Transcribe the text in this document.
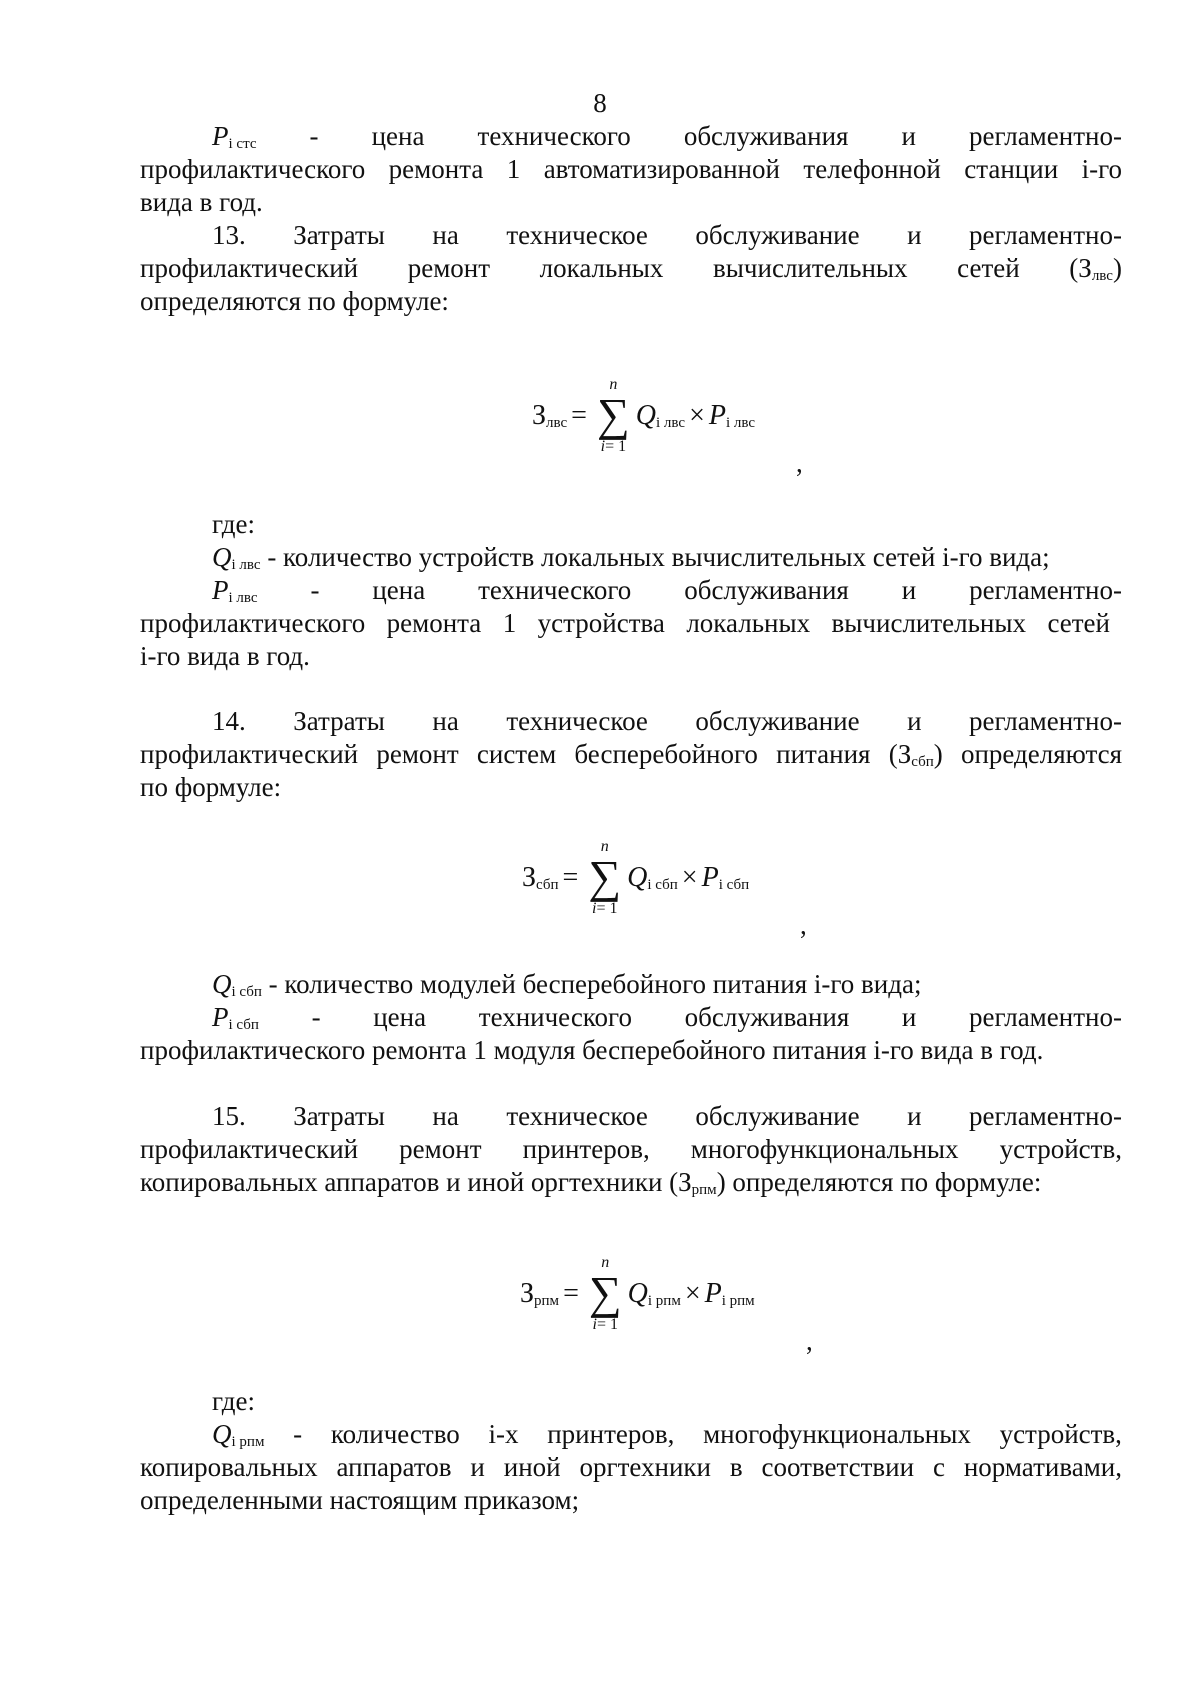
8
$P_{i стс}$ - цена технического обслуживания и регламентно-
профилактического ремонта 1 автоматизированной телефонной станции i-го
вида в год.
13. Затраты на техническое обслуживание и регламентно-
профилактический ремонт локальных вычислительных сетей $(З_{лвс})$
определяются по формуле:
$З_{лвс}$ =
n
∑
i= 1
$Q_{i лвс} \times P_{i лвс}$
,
где:
$Q_{i лвс}$ - количество устройств локальных вычислительных сетей i-го вида;
$P_{i лвс}$ - цена технического обслуживания и регламентно-
профилактического ремонта 1 устройства локальных вычислительных сетей
i-го вида в год.
14. Затраты на техническое обслуживание и регламентно-
профилактический ремонт систем бесперебойного питания $(З_{сбп})$ определяются
по формуле:
$З_{сбп}$ =
n
∑
i= 1
$Q_{i сбп} \times P_{i сбп}$
,
$Q_{i сбп}$ - количество модулей бесперебойного питания i-го вида;
$P_{i сбп}$ - цена технического обслуживания и регламентно-
профилактического ремонта 1 модуля бесперебойного питания i-го вида в год.
15. Затраты на техническое обслуживание и регламентно-
профилактический ремонт принтеров, многофункциональных устройств,
копировальных аппаратов и иной оргтехники $(З_{рпм})$ определяются по формуле:
$З_{рпм}$ =
n
∑
i= 1
$Q_{i рпм} \times P_{i рпм}$
,
где:
$Q_{i рпм}$ - количество i-х принтеров, многофункциональных устройств,
копировальных аппаратов и иной оргтехники в соответствии с нормативами,
определенными настоящим приказом;
